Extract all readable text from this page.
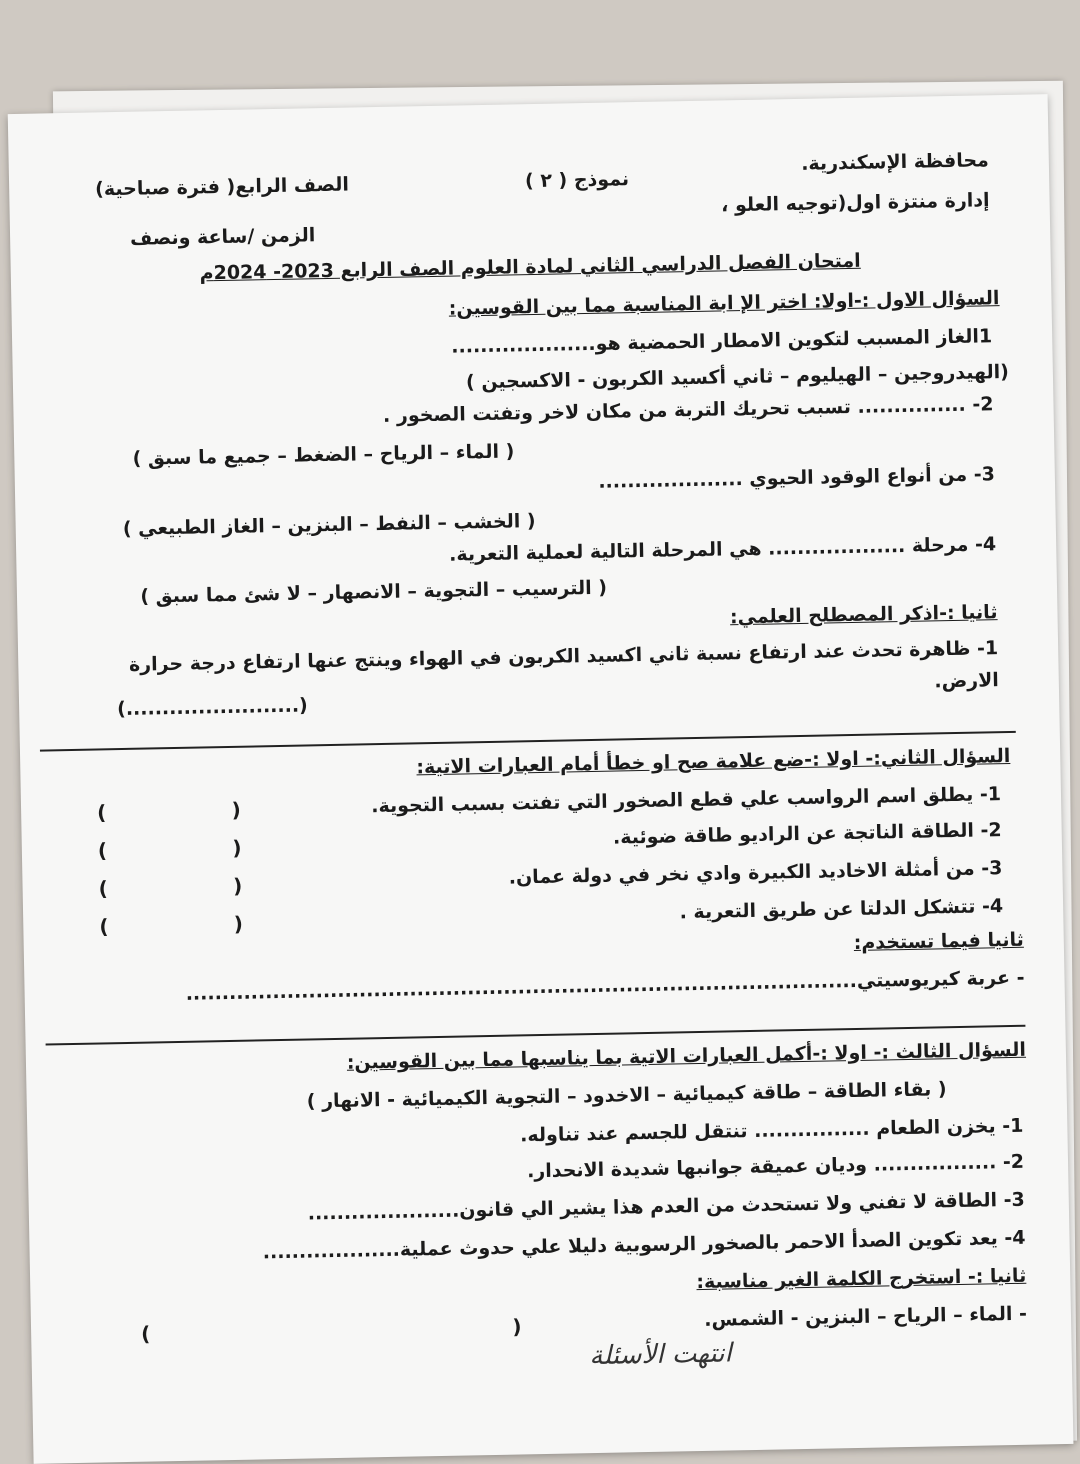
محافظة الإسكندرية.
نموذج ( ٢ )
الصف الرابع( فترة صباحية)
إدارة منتزة اول(توجيه العلو ،
الزمن /ساعة ونصف
امتحان الفصل الدراسي الثاني لمادة العلوم الصف الرابع 2023- 2024م
السؤال الاول :-اولا: اختر الإ ابة المناسبة مما بين القوسين:
1الغاز المسبب لتكوين الامطار الحمضية هو....................
(الهيدروجين – الهيليوم – ثاني أكسيد الكربون - الاكسجين )
2- ............... تسبب تحريك التربة من مكان لاخر وتفتت الصخور .
( الماء – الرياح – الضغط – جميع ما سبق )
3- من أنواع الوقود الحيوي ....................
( الخشب – النفط – البنزين – الغاز الطبيعي )
4- مرحلة ................... هي المرحلة التالية لعملية التعرية.
( الترسيب – التجوية – الانصهار – لا شئ مما سبق )
ثانيا :-اذكر المصطلح العلمي:
1- ظاهرة تحدث عند ارتفاع نسبة ثاني اكسيد الكربون في الهواء وينتج عنها ارتفاع درجة حرارة
الارض.
(........................)
السؤال الثاني:- اولا :-ضع علامة صح او خطأ أمام العبارات الاتية:
1- يطلق اسم الرواسب علي قطع الصخور التي تفتت بسبب التجوية.
2- الطاقة الناتجة عن الراديو طاقة ضوئية.
3- من أمثلة الاخاديد الكبيرة وادي نخر في دولة عمان.
4- تتشكل الدلتا عن طريق التعرية .
(                  )
(                  )
(                  )
(                  )
ثانيا فيما تستخدم:
- عربة كيريوسيتي.............................................................................................
السؤال الثالث :- اولا :-أكمل العبارات الاتية بما يناسبها مما بين القوسين:
( بقاء الطاقة – طاقة كيميائية – الاخدود – التجوية الكيميائية - الانهار )
1- يخزن الطعام ................ تنتقل للجسم عند تناوله.
2- ................. وديان عميقة جوانبها شديدة الانحدار.
3- الطاقة لا تفني ولا تستحدث من العدم هذا يشير الي قانون.....................
4- يعد تكوين الصدأ الاحمر بالصخور الرسوبية دليلا علي حدوث عملية...................
ثانيا :- استخرج الكلمة الغير مناسبة:
- الماء – الرياح – البنزين - الشمس.
(                                                    )
انتهت الأسئلة
